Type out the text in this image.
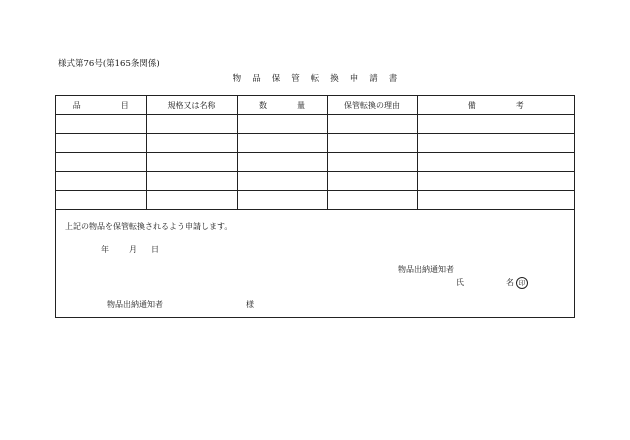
様式第76号(第165条関係)
物 品 保 管 転 換 申 請 書
品 目	規格又は名称	数 量	保管転換の理由	備 考

上記の物品を保管転換されるよう申請します。
年	月 日
物品出納通知者
氏	名 印
物品出納通知者	様
